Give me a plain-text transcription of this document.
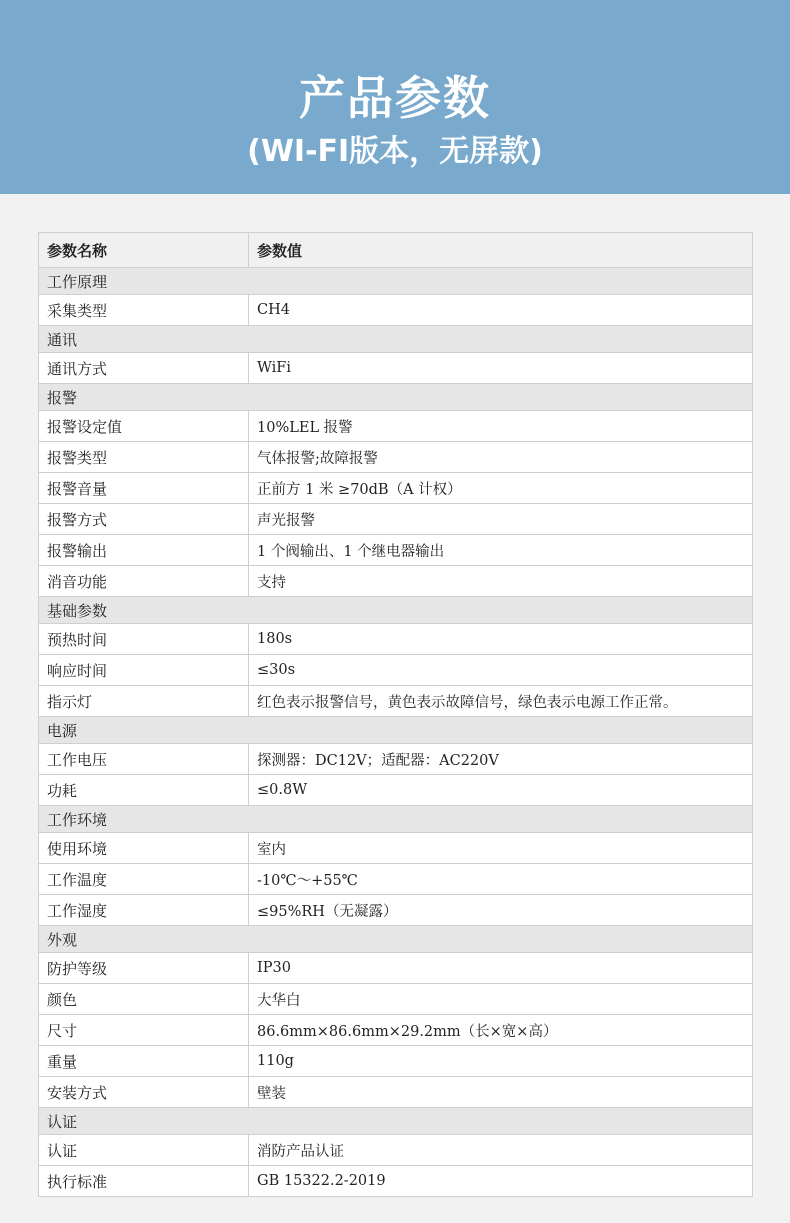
产品参数
(WI-FI版本，无屏款)
参数名称	参数值
工作原理	
采集类型	CH4
通讯	
通讯方式	WiFi
报警	
报警设定值	10%LEL 报警
报警类型	气体报警;故障报警
报警音量	正前方 1 米 ≥70dB（A 计权）
报警方式	声光报警
报警输出	1 个阀输出、1 个继电器输出
消音功能	支持
基础参数	
预热时间	180s
响应时间	≤30s
指示灯	红色表示报警信号，黄色表示故障信号，绿色表示电源工作正常。
电源	
工作电压	探测器：DC12V；适配器：AC220V
功耗	≤0.8W
工作环境	
使用环境	室内
工作温度	-10℃～+55℃
工作湿度	≤95%RH（无凝露）
外观	
防护等级	IP30
颜色	大华白
尺寸	86.6mm×86.6mm×29.2mm（长×宽×高）
重量	110g
安装方式	壁装
认证	
认证	消防产品认证
执行标准	GB 15322.2-2019
